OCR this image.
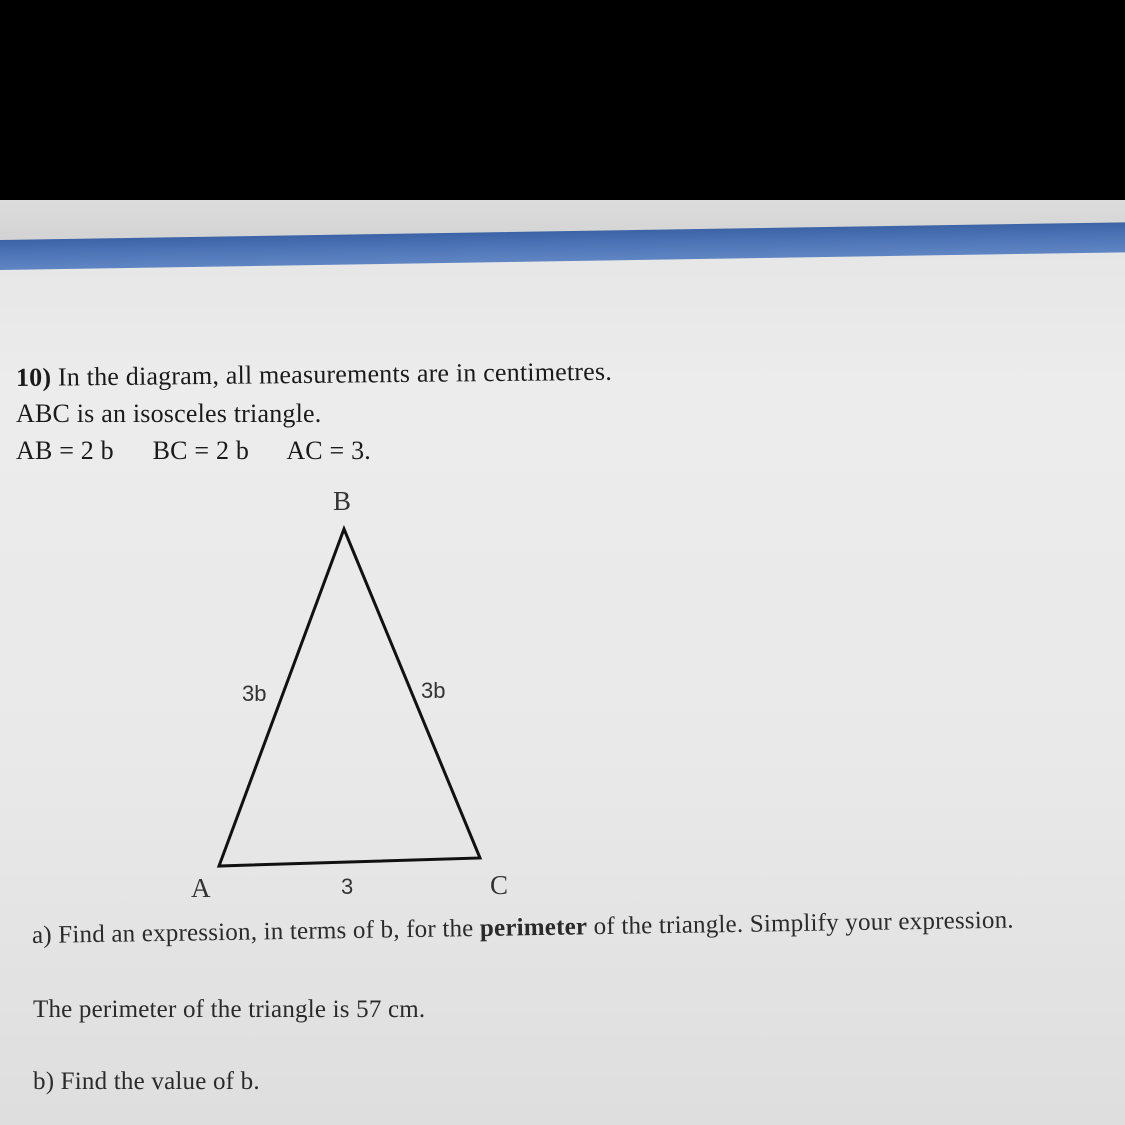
10) In the diagram, all measurements are in centimetres.
ABC is an isosceles triangle.
AB = 2 b BC = 2 b AC = 3.
B
A	C
3b	3b
3
a) Find an expression, in terms of b, for the perimeter of the triangle. Simplify your expression.
The perimeter of the triangle is 57 cm.
b) Find the value of b.
